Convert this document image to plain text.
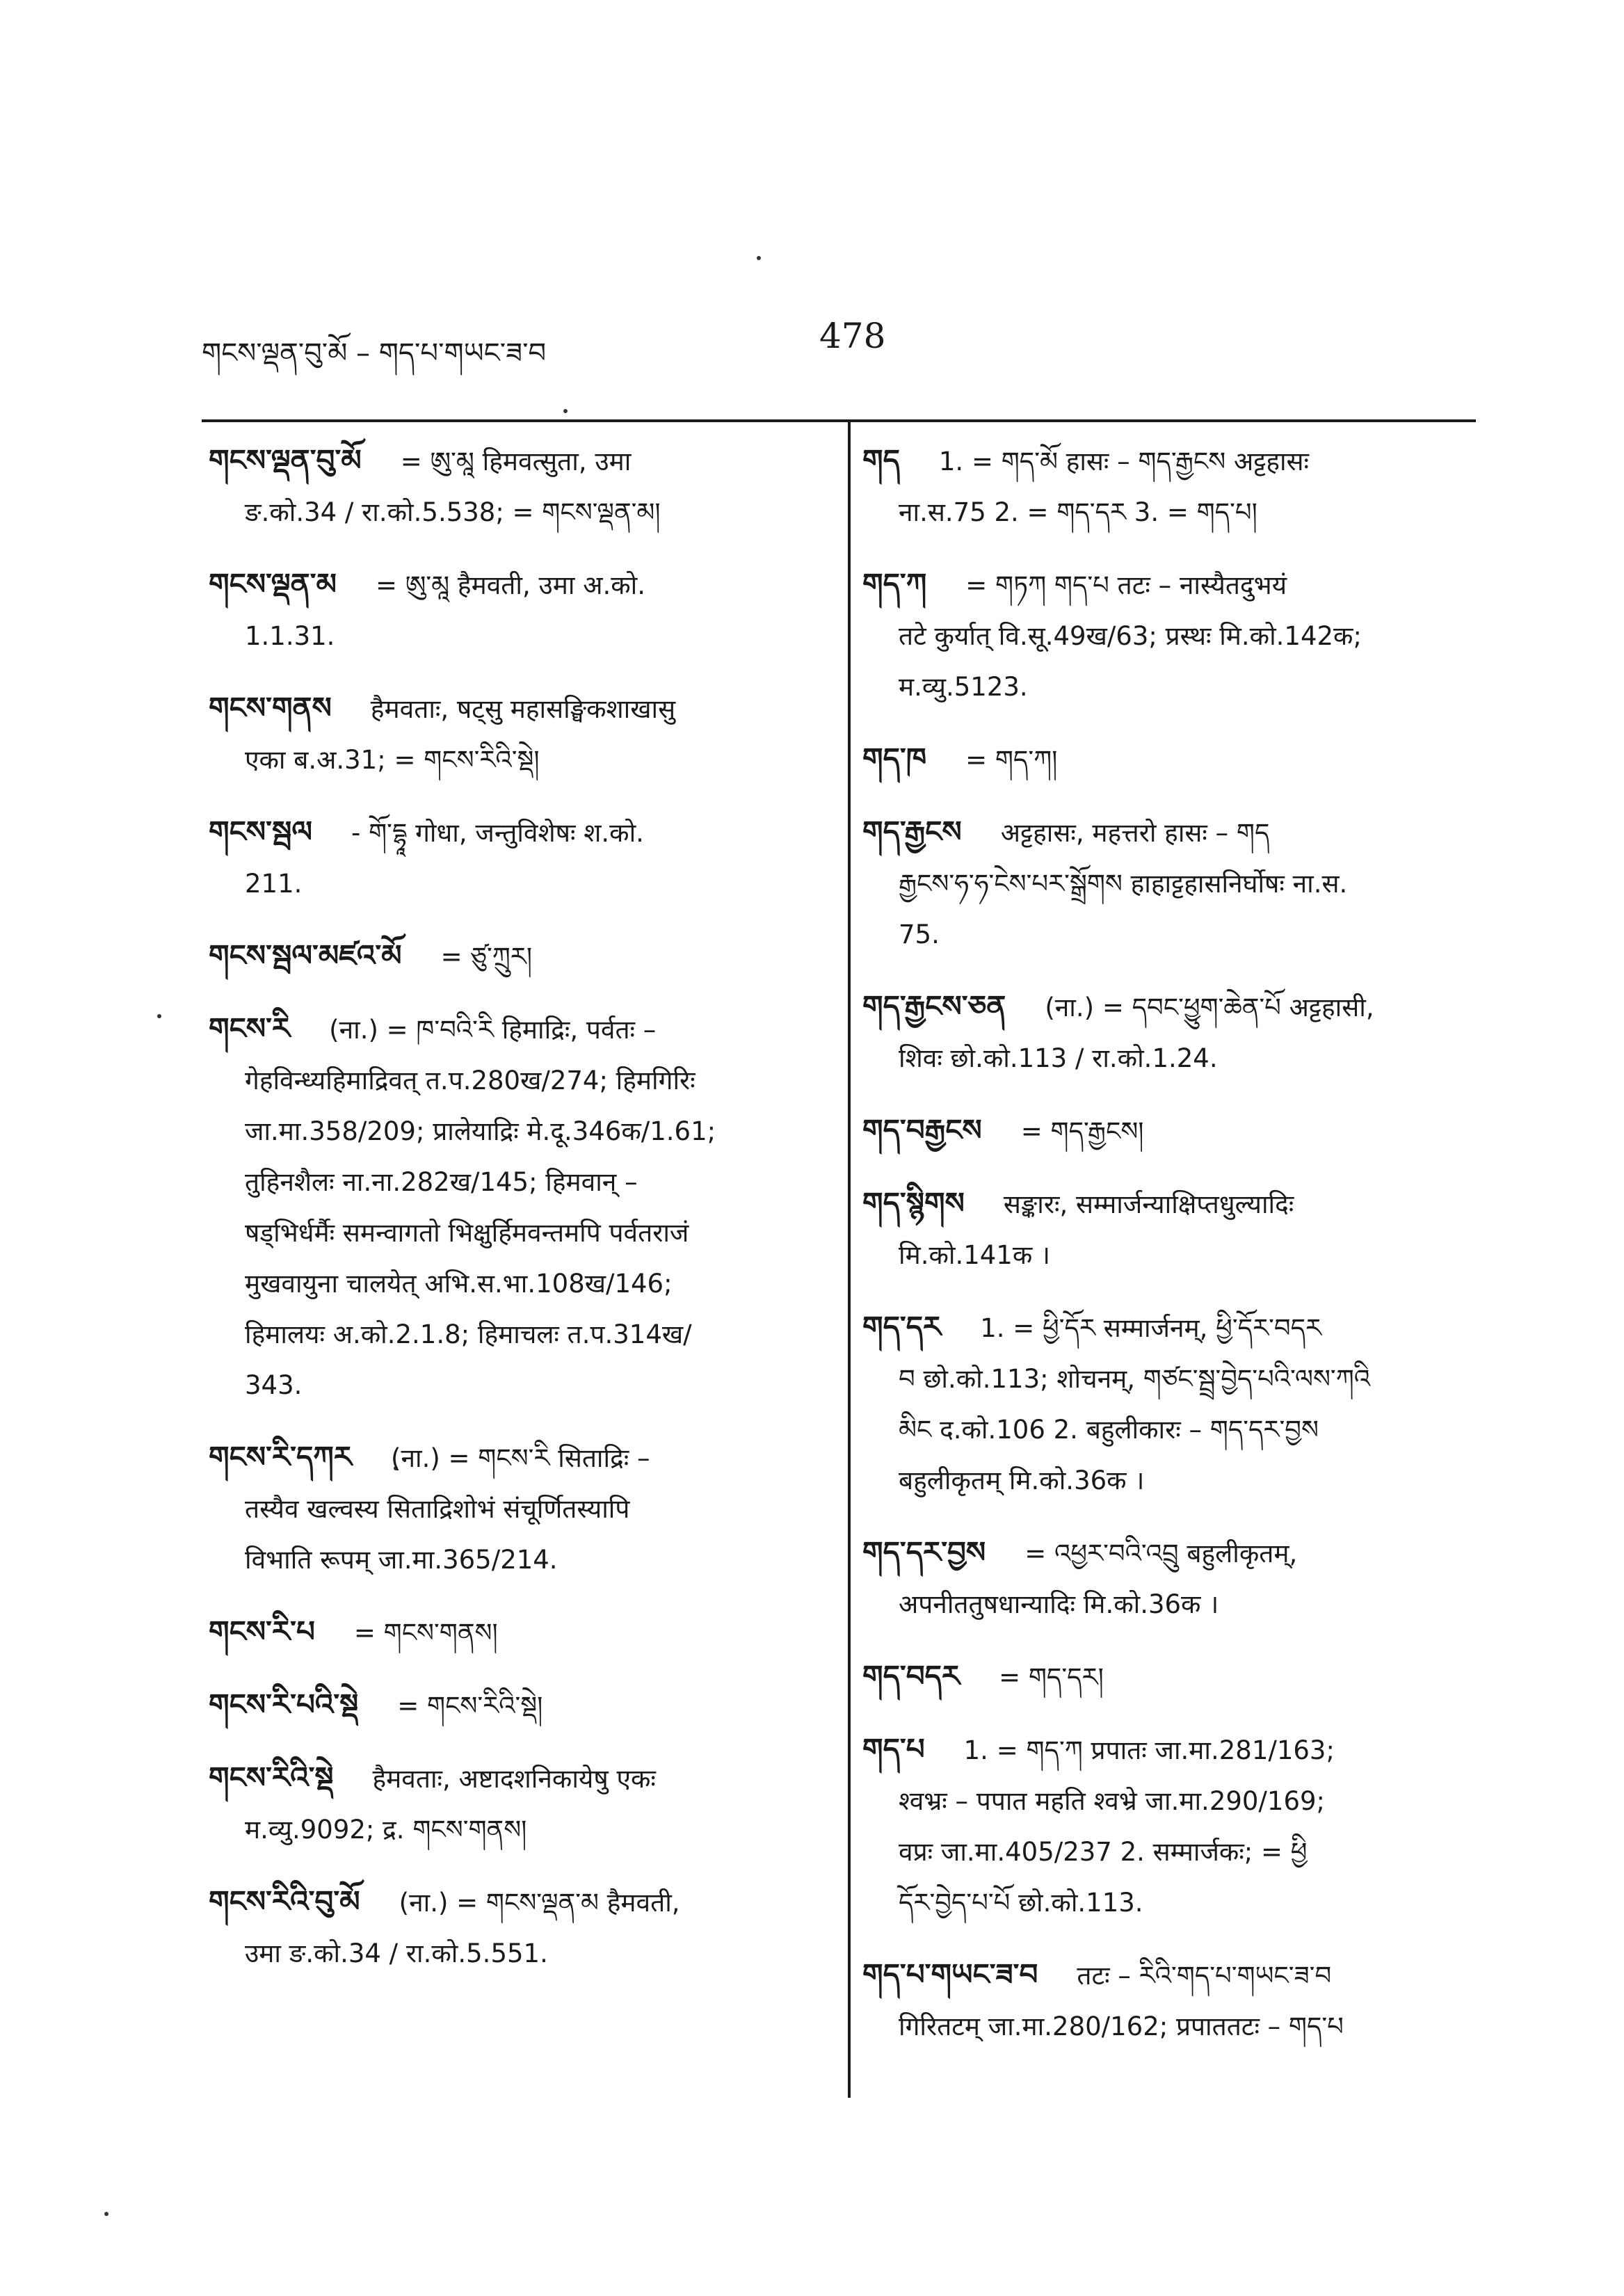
གངས་ལྡན་བུ་མོ – གད་པ་གཡང་ཟ་བ	478
གངས་ལྡན་བུ་མོ = ཨུ་མཱ हिमवत्सुता, उमा
ङ.को.34 / रा.को.5.538; = གངས་ལྡན་མ།
གངས་ལྡན་མ = ཨུ་མཱ हैमवती, उमा अ.को.
1.1.31.
གངས་གནས हैमवताः, षट्सु महासङ्घिकशाखासु
एका ब.अ.31; = གངས་རིའི་སྡེ།
གངས་སྦལ - གོ་དྷཱ गोधा, जन्तुविशेषः श.को.
211.
གངས་སྦལ་མཛའ་མོ = ཙུ་ཀྲུར།
གངས་རི (ना.) = ཁ་བའི་རི हिमाद्रिः, पर्वतः –
गेहविन्ध्यहिमाद्रिवत् त.प.280ख/274; हिमगिरिः
जा.मा.358/209; प्रालेयाद्रिः मे.दू.346क/1.61;
तुहिनशैलः ना.ना.282ख/145; हिमवान् –
षड्भिर्धर्मैः समन्वागतो भिक्षुर्हिमवन्तमपि पर्वतराजं
मुखवायुना चालयेत् अभि.स.भा.108ख/146;
हिमालयः अ.को.2.1.8; हिमाचलः त.प.314ख/
343.
གངས་རི་དཀར (ना.) = གངས་རི सिताद्रिः –
तस्यैव खल्वस्य सिताद्रिशोभं संचूर्णितस्यापि
विभाति रूपम् जा.मा.365/214.
གངས་རི་པ = གངས་གནས།
གངས་རི་པའི་སྡེ = གངས་རིའི་སྡེ།
གངས་རིའི་སྡེ हैमवताः, अष्टादशनिकायेषु एकः
म.व्यु.9092; द्र. གངས་གནས།
གངས་རིའི་བུ་མོ (ना.) = གངས་ལྡན་མ हैमवती,
उमा ङ.को.34 / रा.को.5.551.
གད 1. = གད་མོ हासः – གད་རྒྱངས अट्टहासः
ना.स.75 2. = གད་དར 3. = གད་པ།
གད་ཀ = གཏཀ གད་པ तटः – नास्यैतदुभयं
तटे कुर्यात् वि.सू.49ख/63; प्रस्थः मि.को.142क;
म.व्यु.5123.
གད་ཁ = གད་ཀ།
གད་རྒྱངས अट्टहासः, महत्तरो हासः – གད
རྒྱངས་ཧ་ཧ་ངེས་པར་སྒྲོགས हाहाट्टहासनिर्घोषः ना.स.
75.
གད་རྒྱངས་ཅན (ना.) = དབང་ཕྱུག་ཆེན་པོ अट्टहासी,
शिवः छो.को.113 / रा.को.1.24.
གད་བརྒྱངས = གད་རྒྱངས།
གད་སྙིགས सङ्कारः, सम्मार्जन्याक्षिप्तधुल्यादिः
मि.को.141क ।
གད་དར 1. = ཕྱི་དོར सम्मार्जनम्, ཕྱི་དོར་བདར
བ छो.को.113; शोचनम्, གཙང་སྦྲ་བྱེད་པའི་ལས་ཀའི
མིང द.को.106 2. बहुलीकारः – གད་དར་བྱས
बहुलीकृतम् मि.को.36क ।
གད་དར་བྱས = འཕྱར་བའི་འབྲུ बहुलीकृतम्,
अपनीततुषधान्यादिः मि.को.36क ।
གད་བདར = གད་དར།
གད་པ 1. = གད་ཀ प्रपातः जा.मा.281/163;
श्वभ्रः – पपात महति श्वभ्रे जा.मा.290/169;
वप्रः जा.मा.405/237 2. सम्मार्जकः; = ཕྱི
དོར་བྱེད་པ་པོ छो.को.113.
གད་པ་གཡང་ཟ་བ तटः – རིའི་གད་པ་གཡང་ཟ་བ
गिरितटम् जा.मा.280/162; प्रपाततटः – གད་པ
